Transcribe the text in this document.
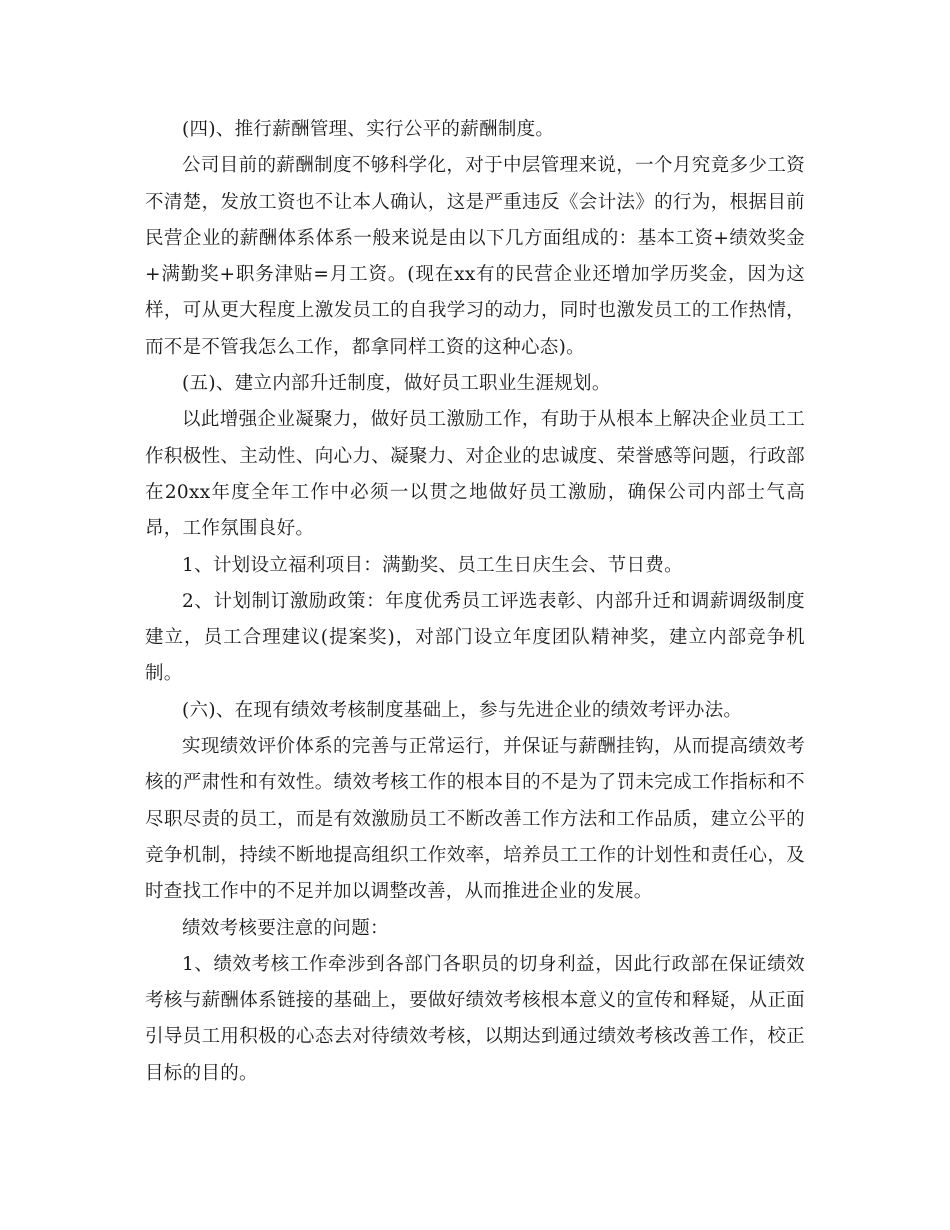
(四)、推行薪酬管理、实行公平的薪酬制度。

公司目前的薪酬制度不够科学化，对于中层管理来说，一个月究竟多少工资不清楚，发放工资也不让本人确认，这是严重违反《会计法》的行为，根据目前民营企业的薪酬体系体系一般来说是由以下几方面组成的：基本工资+绩效奖金+满勤奖+职务津贴=月工资。(现在xx有的民营企业还增加学历奖金，因为这样，可从更大程度上激发员工的自我学习的动力，同时也激发员工的工作热情，而不是不管我怎么工作，都拿同样工资的这种心态)。

(五)、建立内部升迁制度，做好员工职业生涯规划。

以此增强企业凝聚力，做好员工激励工作，有助于从根本上解决企业员工工作积极性、主动性、向心力、凝聚力、对企业的忠诚度、荣誉感等问题，行政部在20xx年度全年工作中必须一以贯之地做好员工激励，确保公司内部士气高昂，工作氛围良好。

1、计划设立福利项目：满勤奖、员工生日庆生会、节日费。

2、计划制订激励政策：年度优秀员工评选表彰、内部升迁和调薪调级制度建立，员工合理建议(提案奖)，对部门设立年度团队精神奖，建立内部竞争机制。

(六)、在现有绩效考核制度基础上，参与先进企业的绩效考评办法。

实现绩效评价体系的完善与正常运行，并保证与薪酬挂钩，从而提高绩效考核的严肃性和有效性。绩效考核工作的根本目的不是为了罚未完成工作指标和不尽职尽责的员工，而是有效激励员工不断改善工作方法和工作品质，建立公平的竞争机制，持续不断地提高组织工作效率，培养员工工作的计划性和责任心，及时查找工作中的不足并加以调整改善，从而推进企业的发展。

绩效考核要注意的问题：

1、绩效考核工作牵涉到各部门各职员的切身利益，因此行政部在保证绩效考核与薪酬体系链接的基础上，要做好绩效考核根本意义的宣传和释疑，从正面引导员工用积极的心态去对待绩效考核，以期达到通过绩效考核改善工作，校正目标的目的。
